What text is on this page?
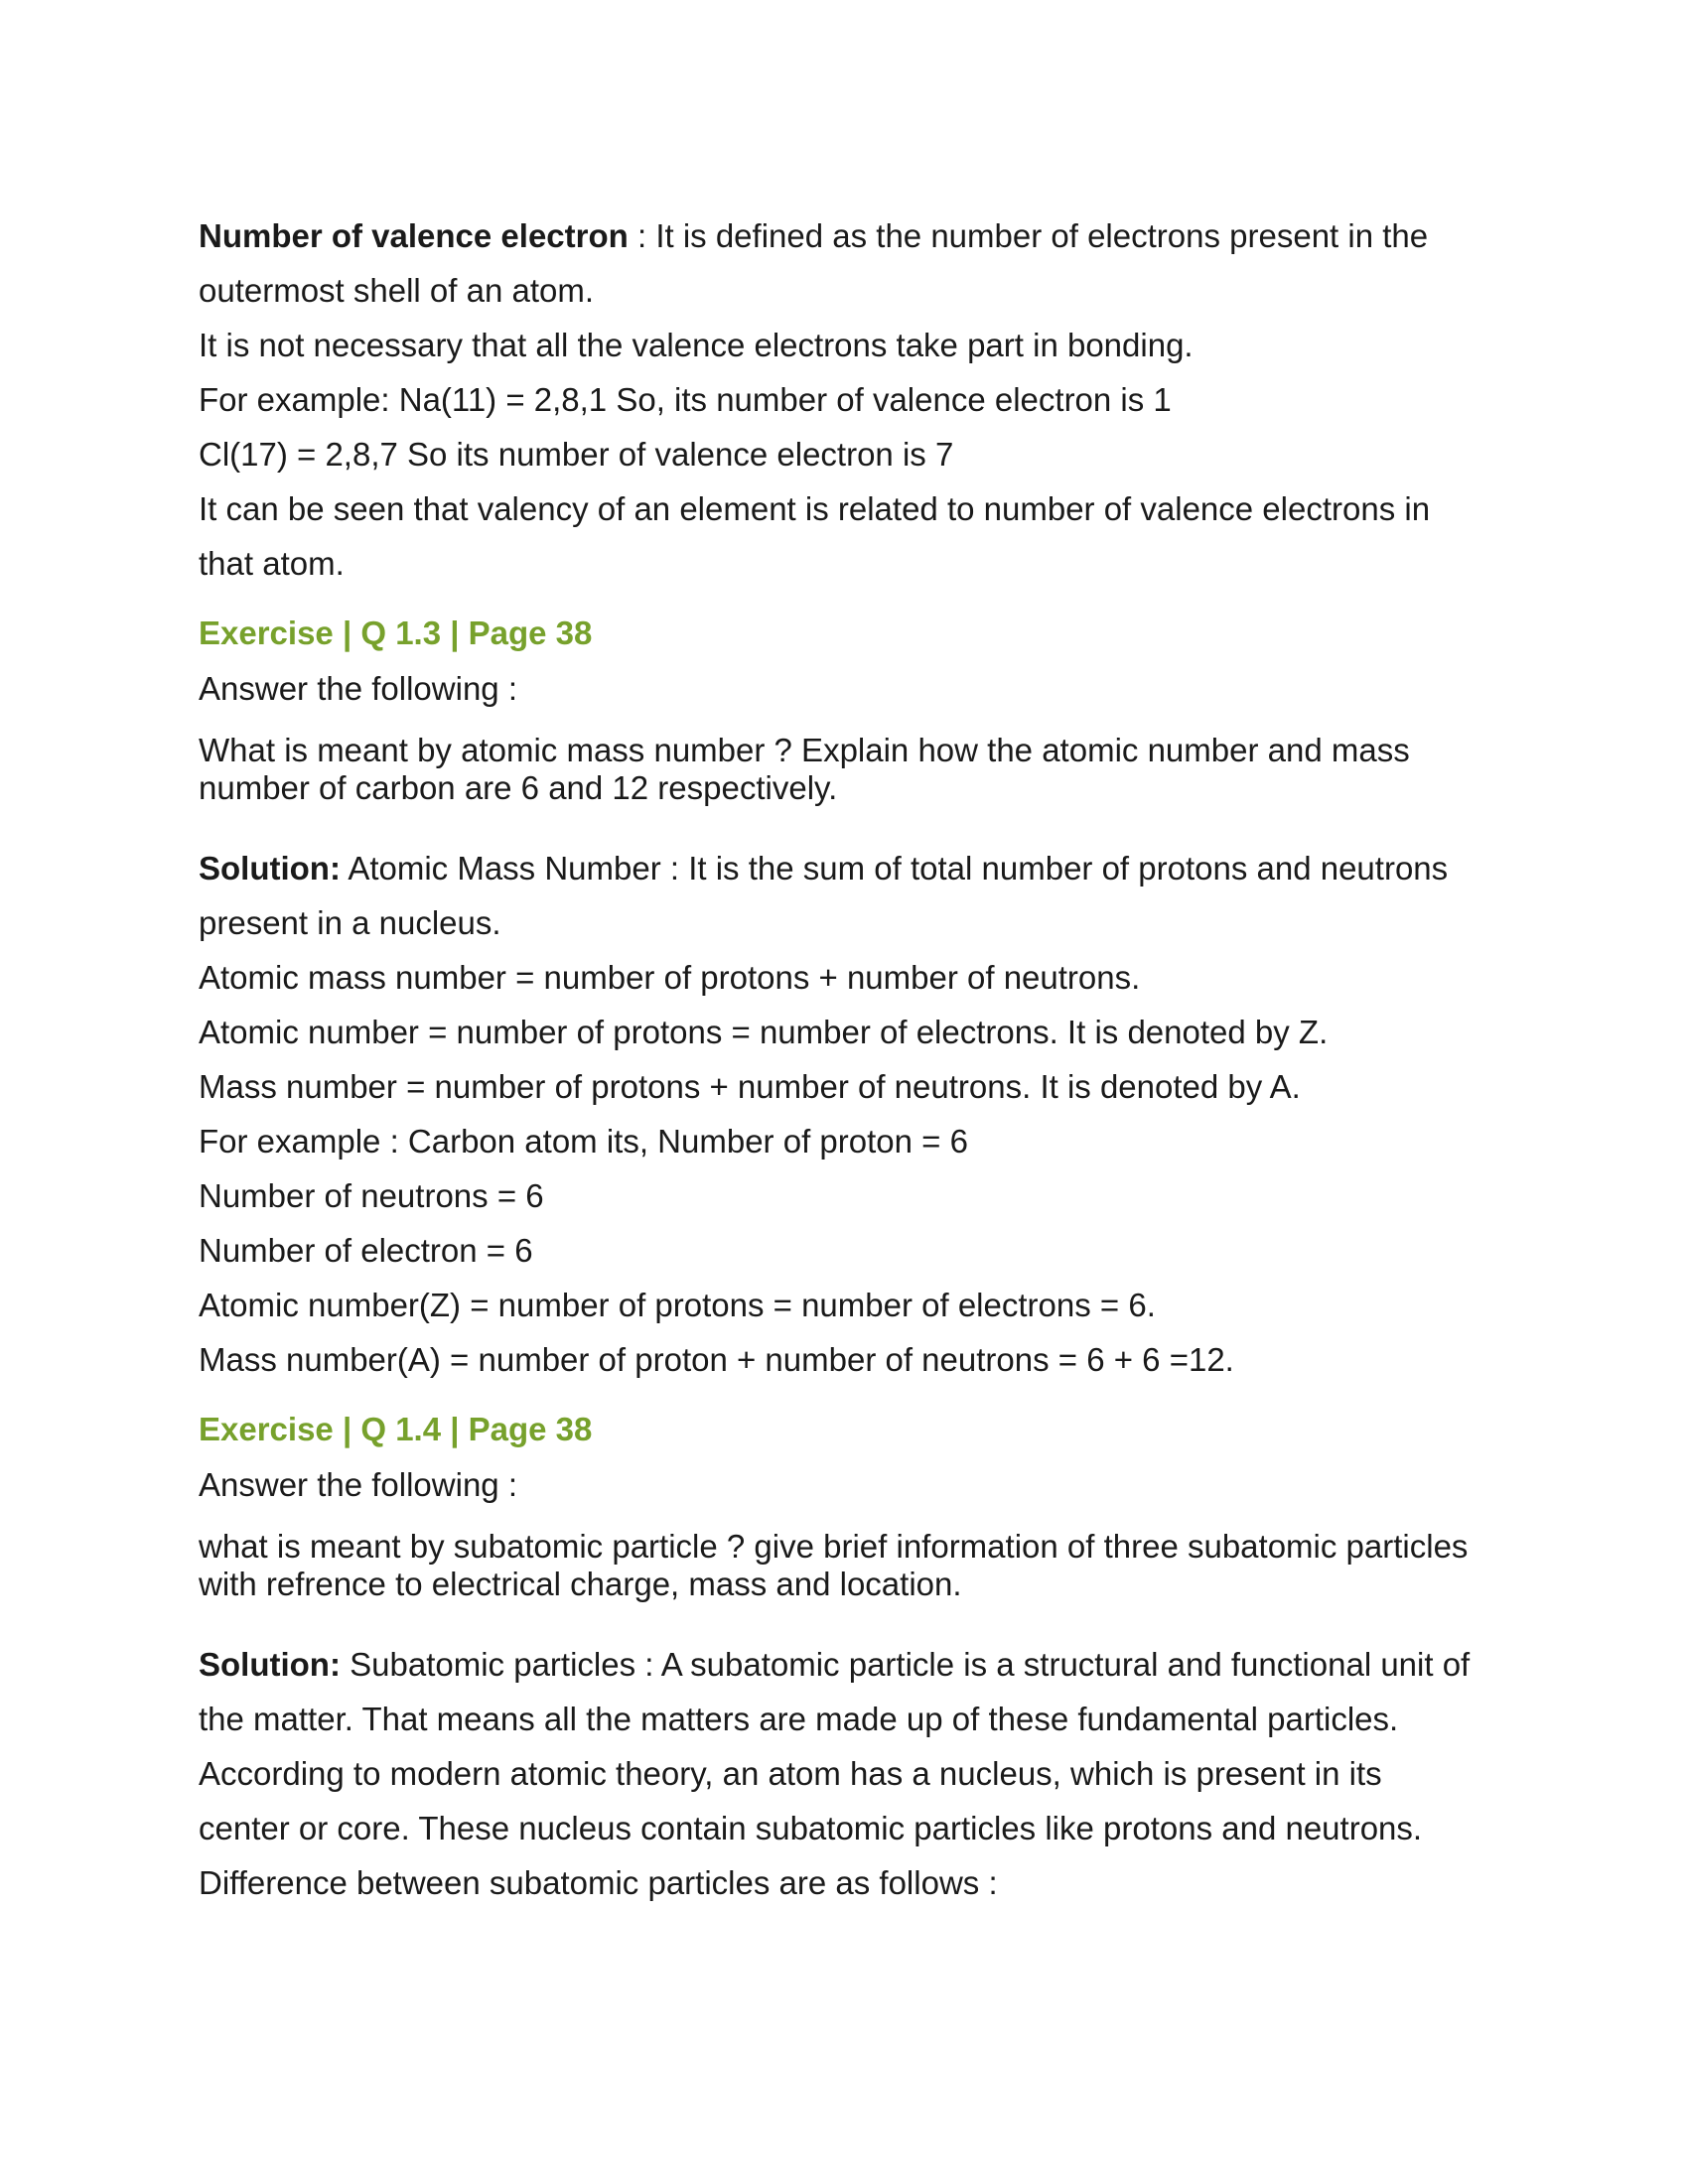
Number of valence electron : It is defined as the number of electrons present in the

outermost shell of an atom.

It is not necessary that all the valence electrons take part in bonding.

For example: Na(11) = 2,8,1 So, its number of valence electron is 1

Cl(17) = 2,8,7 So its number of valence electron is 7

It can be seen that valency of an element is related to number of valence electrons in

that atom.

Exercise | Q 1.3 | Page 38

Answer the following :

What is meant by atomic mass number ? Explain how the atomic number and mass

number of carbon are 6 and 12 respectively.

Solution: Atomic Mass Number : It is the sum of total number of protons and neutrons

present in a nucleus.

Atomic mass number = number of protons + number of neutrons.

Atomic number = number of protons = number of electrons. It is denoted by Z.

Mass number = number of protons + number of neutrons. It is denoted by A.

For example : Carbon atom its, Number of proton = 6

Number of neutrons = 6

Number of electron = 6

Atomic number(Z) = number of protons = number of electrons = 6.

Mass number(A) = number of proton + number of neutrons = 6 + 6 =12.

Exercise | Q 1.4 | Page 38

Answer the following :

what is meant by subatomic particle ? give brief information of three subatomic particles

with refrence to electrical charge, mass and location.

Solution: Subatomic particles : A subatomic particle is a structural and functional unit of

the matter. That means all the matters are made up of these fundamental particles.

According to modern atomic theory, an atom has a nucleus, which is present in its

center or core. These nucleus contain subatomic particles like protons and neutrons.

Difference between subatomic particles are as follows :
